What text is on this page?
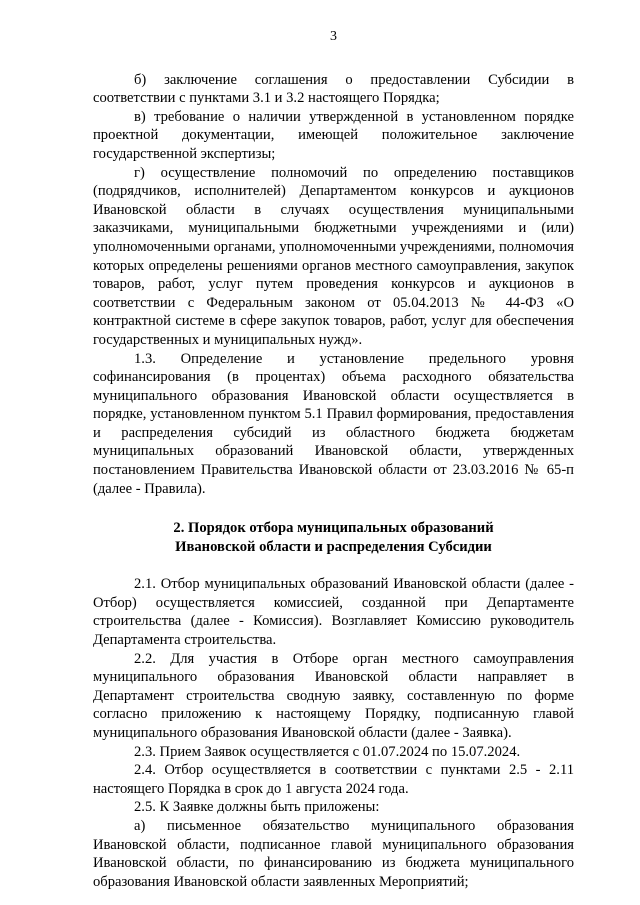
3

б) заключение соглашения о предоставлении Субсидии в соответствии с пунктами 3.1 и 3.2 настоящего Порядка;

в) требование о наличии утвержденной в установленном порядке проектной документации, имеющей положительное заключение государственной экспертизы;

г) осуществление полномочий по определению поставщиков (подрядчиков, исполнителей) Департаментом конкурсов и аукционов Ивановской области в случаях осуществления муниципальными заказчиками, муниципальными бюджетными учреждениями и (или) уполномоченными органами, уполномоченными учреждениями, полномочия которых определены решениями органов местного самоуправления, закупок товаров, работ, услуг путем проведения конкурсов и аукционов в соответствии с Федеральным законом от 05.04.2013 № 44-ФЗ «О контрактной системе в сфере закупок товаров, работ, услуг для обеспечения государственных и муниципальных нужд».

1.3. Определение и установление предельного уровня софинансирования (в процентах) объема расходного обязательства муниципального образования Ивановской области осуществляется в порядке, установленном пунктом 5.1 Правил формирования, предоставления и распределения субсидий из областного бюджета бюджетам муниципальных образований Ивановской области, утвержденных постановлением Правительства Ивановской области от 23.03.2016 № 65-п (далее - Правила).

2. Порядок отбора муниципальных образований
Ивановской области и распределения Субсидии

2.1. Отбор муниципальных образований Ивановской области (далее - Отбор) осуществляется комиссией, созданной при Департаменте строительства (далее - Комиссия). Возглавляет Комиссию руководитель Департамента строительства.

2.2. Для участия в Отборе орган местного самоуправления муниципального образования Ивановской области направляет в Департамент строительства сводную заявку, составленную по форме согласно приложению к настоящему Порядку, подписанную главой муниципального образования Ивановской области (далее - Заявка).

2.3. Прием Заявок осуществляется с 01.07.2024 по 15.07.2024.

2.4. Отбор осуществляется в соответствии с пунктами 2.5 - 2.11 настоящего Порядка в срок до 1 августа 2024 года.

2.5. К Заявке должны быть приложены:

а) письменное обязательство муниципального образования Ивановской области, подписанное главой муниципального образования Ивановской области, по финансированию из бюджета муниципального образования Ивановской области заявленных Мероприятий;
